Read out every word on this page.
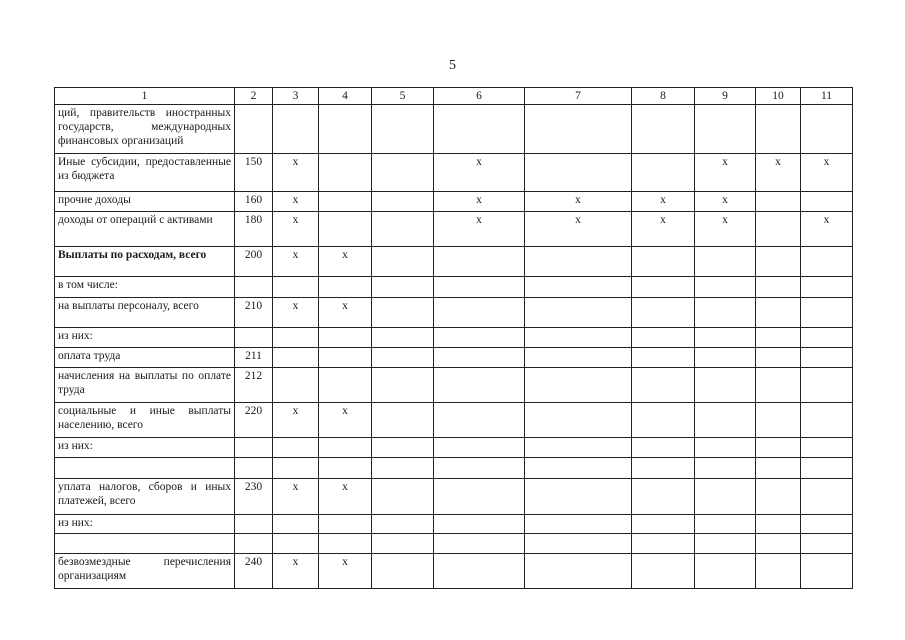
5
1	2	3	4	5	6	7	8	9	10	11
ций, правительств иностранных государств, международных финансовых организаций										
Иные субсидии, предоставленные из бюджета	150	x			x			x	x	x
прочие доходы	160	x			x	x	x	x		
доходы от операций с активами	180	x			x	x	x	x		x
Выплаты по расходам, всего	200	x	x							
в том числе:										
на выплаты персоналу, всего	210	x	x							
из них:										
оплата труда	211									
начисления на выплаты по оплате труда	212									
социальные и иные выплаты населению, всего	220	x	x							
из них:										

уплата налогов, сборов и иных платежей, всего	230	x	x							
из них:										

безвозмездные перечисления организациям	240	x	x							
